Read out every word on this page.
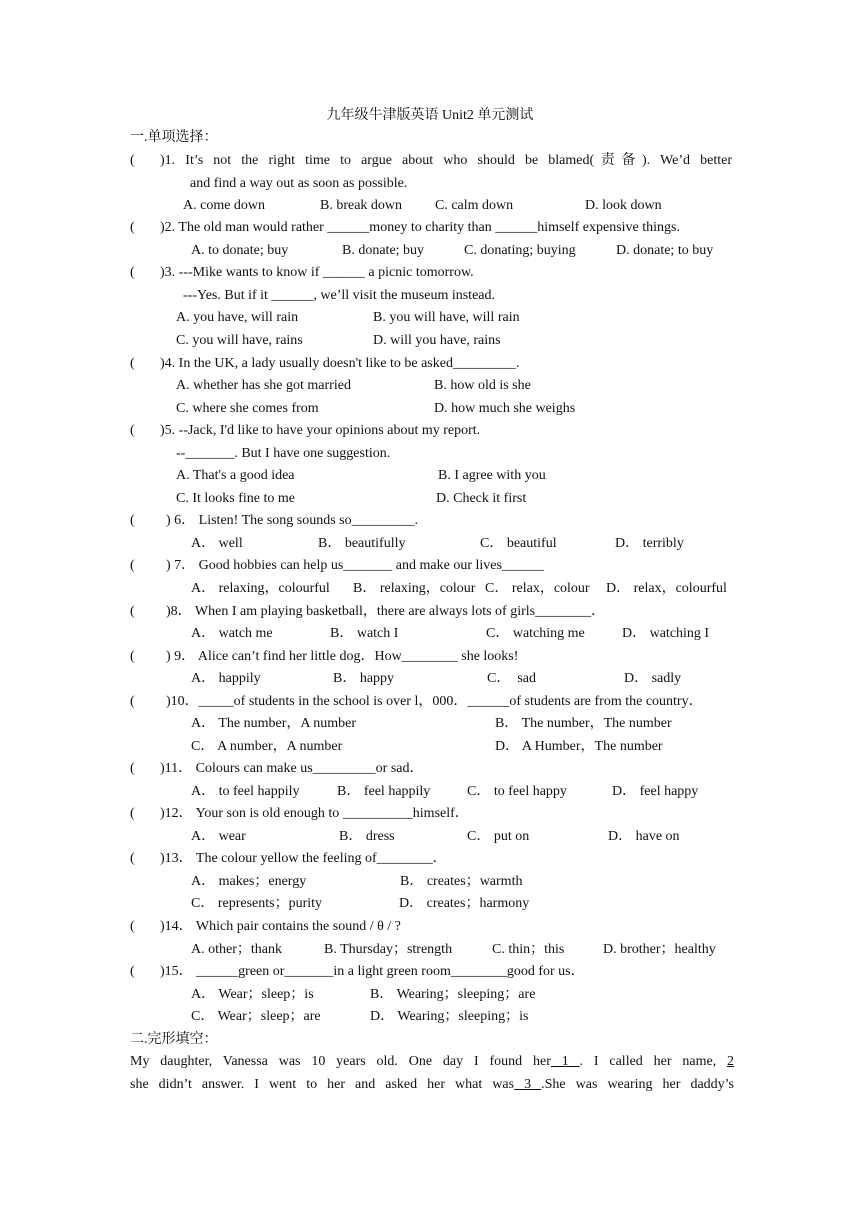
九年级牛津版英语 Unit2 单元测试
一.单项选择：
( )1. It’s not the right time to argue about who should be blamed(责备). We’d better
and find a way out as soon as possible.
A. come down	B. break down C. calm down	D. look down
( )2. The old man would rather ______money to charity than ______himself expensive things.
A. to donate; buy	B. donate; buy	C. donating; buying	D. donate; to buy
( )3. ---Mike wants to know if ______ a picnic tomorrow.
---Yes. But if it ______, we’ll visit the museum instead.
A. you have, will rain	B. you will have, will rain
C. you will have, rains	D. will you have, rains
( )4. In the UK, a lady usually doesn't like to be asked_________.
A. whether has she got married	B. how old is she
C. where she comes from	D. how much she weighs
( )5. --Jack, I'd like to have your opinions about my report.
--_______. But I have one suggestion.
A. That's a good idea	B. I agree with you
C. It looks fine to me	D. Check it first
( ) 6． Listen! The song sounds so_________.
A． well	B． beautifully	C． beautiful	D． terribly
( ) 7． Good hobbies can help us_______ and make our lives______
A． relaxing，colourful B． relaxing，colour C． relax，colour D． relax，colourful
( )8． When I am playing basketball，there are always lots of girls________．
A． watch me	B． watch I	C． watching me	D． watching I
( ) 9． Alice can’t find her little dog．How________ she looks!
A． happily	B． happy	C．  sad	D． sadly
( )10．_____of students in the school is over l，000．______of students are from the country．
A． The number，A number	B． The number，The number
C． A number，A number	D． A Humber，The number
( )11． Colours can make us_________or sad．
A． to feel happily	B． feel happily	C． to feel happy	D． feel happy
( )12． Your son is old enough to __________himself．
A． wear	B． dress	C． put on	D． have on
( )13． The colour yellow the feeling of________．
A． makes；energy	B． creates；warmth
C． represents；purity	D． creates；harmony
( )14． Which pair contains the sound / θ / ?
A. other；thank	B. Thursday；strength	C. thin；this	D. brother；healthy
( )15． ______green or_______in a light green room________good for us．
A． Wear；sleep；is	B． Wearing；sleeping；are
C． Wear；sleep；are	D． Wearing；sleeping；is
二.完形填空：
My daughter, Vanessa was 10 years old. One day I found her 1 . I called her name, 2
she didn’t answer. I went to her and asked her what was 3 .She was wearing her daddy’s
